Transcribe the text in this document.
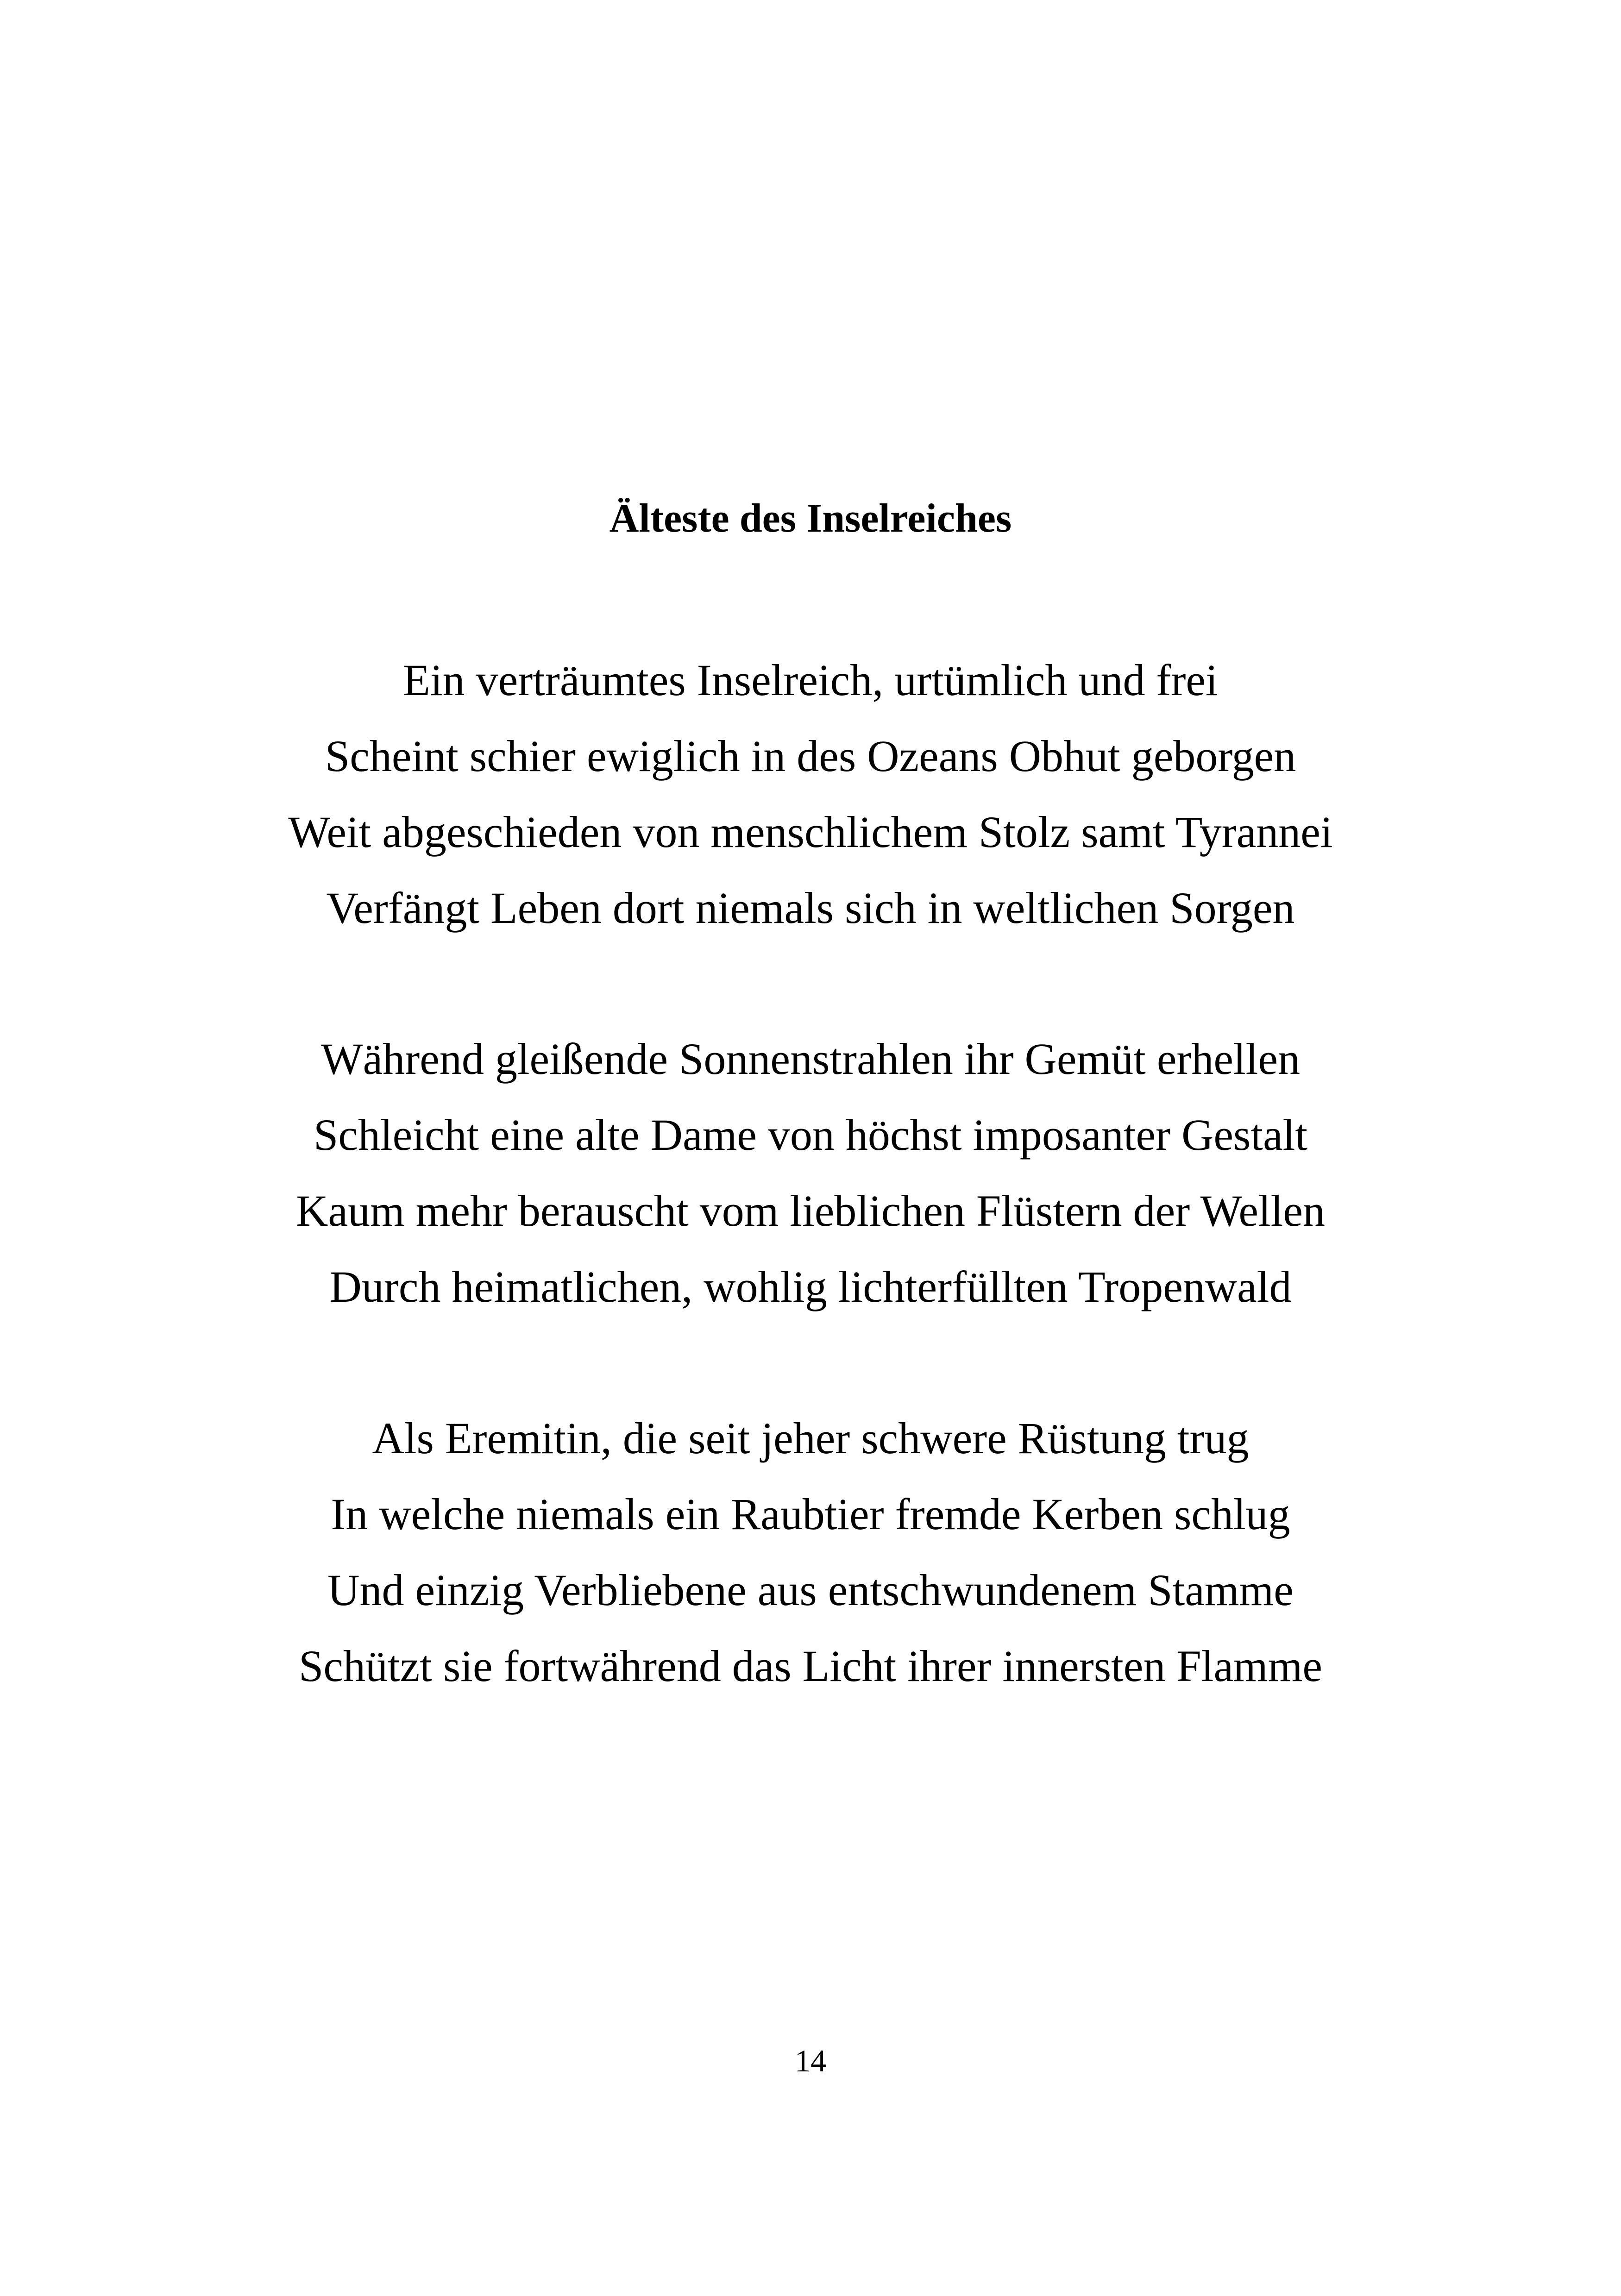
Älteste des Inselreiches
Ein verträumtes Inselreich, urtümlich und frei
Scheint schier ewiglich in des Ozeans Obhut geborgen
Weit abgeschieden von menschlichem Stolz samt Tyrannei
Verfängt Leben dort niemals sich in weltlichen Sorgen
Während gleißende Sonnenstrahlen ihr Gemüt erhellen
Schleicht eine alte Dame von höchst imposanter Gestalt
Kaum mehr berauscht vom lieblichen Flüstern der Wellen
Durch heimatlichen, wohlig lichterfüllten Tropenwald
Als Eremitin, die seit jeher schwere Rüstung trug
In welche niemals ein Raubtier fremde Kerben schlug
Und einzig Verbliebene aus entschwundenem Stamme
Schützt sie fortwährend das Licht ihrer innersten Flamme
14
